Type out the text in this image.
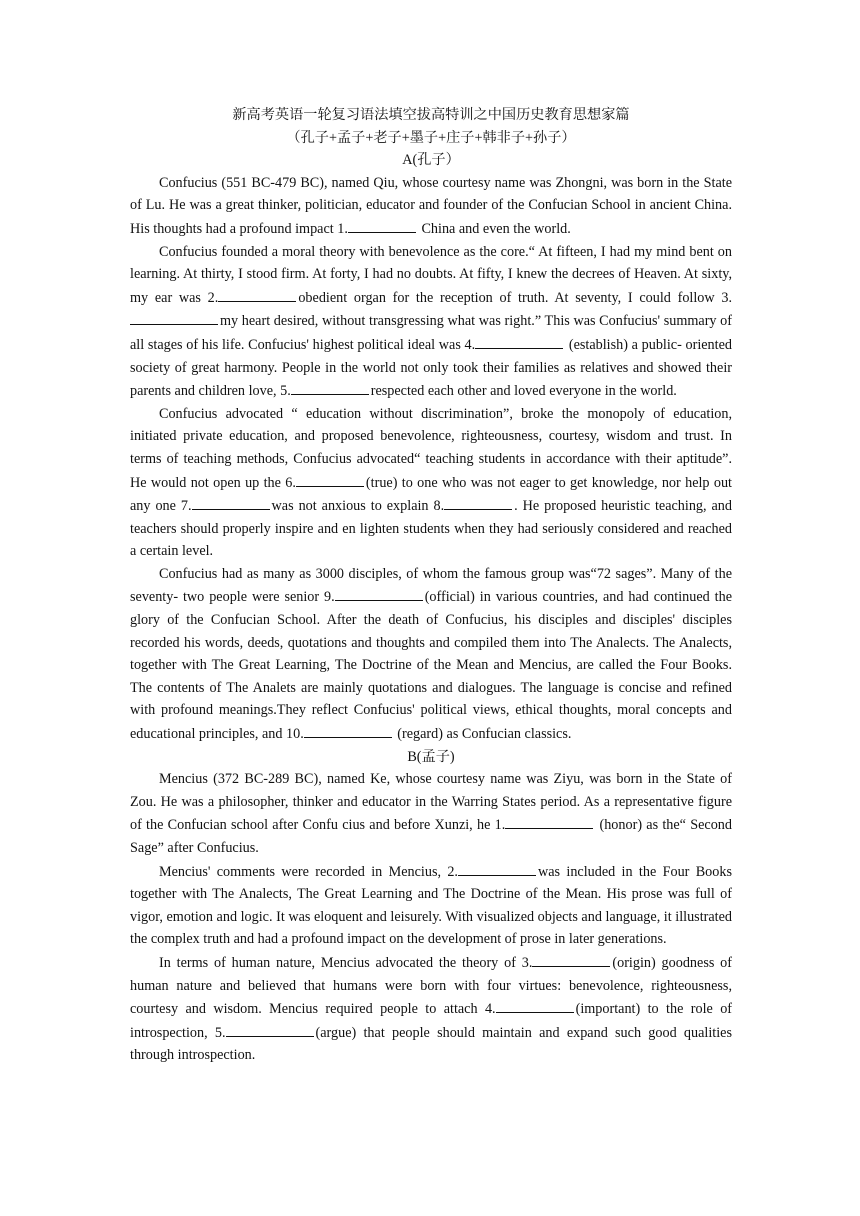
新高考英语一轮复习语法填空拔高特训之中国历史教育思想家篇
（孔子+孟子+老子+墨子+庄子+韩非子+孙子）
A(孔子）

Confucius (551 BC-479 BC), named Qiu, whose courtesy name was Zhongni, was born in the State of Lu. He was a great thinker, politician, educator and founder of the Confucian School in ancient China. His thoughts had a profound impact 1.	China and even the world.

Confucius founded a moral theory with benevolence as the core.“ At fifteen, I had my mind bent on learning. At thirty, I stood firm. At forty, I had no doubts. At fifty, I knew the decrees of Heaven. At sixty, my ear was 2.	obedient organ for the reception of truth. At seventy, I could follow 3.my heart desired, without transgressing what was right.” This was Confucius' summary of all stages of his life. Confucius' highest political ideal was 4.	(establish) a public- oriented society of great harmony. People in the world not only took their families as relatives and showed their parents and children love, 5.	respected each other and loved everyone in the world.

Confucius advocated “ education without discrimination”, broke the monopoly of education, initiated private education, and proposed benevolence, righteousness, courtesy, wisdom and trust. In terms of teaching methods, Confucius advocated“ teaching students in accordance with their aptitude”. He would not open up the 6.	(true) to one who was not eager to get knowledge, nor help out any one 7.	was not anxious to explain 8.	. He proposed heuristic teaching, and teachers should properly inspire and en lighten students when they had seriously considered and reached a certain level.

Confucius had as many as 3000 disciples, of whom the famous group was“72 sages”. Many of the seventy- two people were senior 9.	(official) in various countries, and had continued the glory of the Confucian School. After the death of Confucius, his disciples and disciples' disciples recorded his words, deeds, quotations and thoughts and compiled them into The Analects. The Analects, together with The Great Learning, The Doctrine of the Mean and Mencius, are called the Four Books. The contents of The Analets are mainly quotations and dialogues. The language is concise and refined with profound meanings.They reflect Confucius' political views, ethical thoughts, moral concepts and educational principles, and 10.	(regard) as Confucian classics.

B(孟子)

Mencius (372 BC-289 BC), named Ke, whose courtesy name was Ziyu, was born in the State of Zou. He was a philosopher, thinker and educator in the Warring States period. As a representative figure of the Confucian school after Confu cius and before Xunzi, he 1.	(honor) as the“ Second Sage” after Confucius.

Mencius' comments were recorded in Mencius, 2.	was included in the Four Books together with The Analects, The Great Learning and The Doctrine of the Mean. His prose was full of vigor, emotion and logic. It was eloquent and leisurely. With visualized objects and language, it illustrated the complex truth and had a profound impact on the development of prose in later generations.

In terms of human nature, Mencius advocated the theory of 3.	(origin) goodness of human nature and believed that humans were born with four virtues: benevolence, righteousness, courtesy and wisdom. Mencius required people to attach 4.	(important) to the role of introspection, 5.	(argue) that people should maintain and expand such good qualities through introspection.
